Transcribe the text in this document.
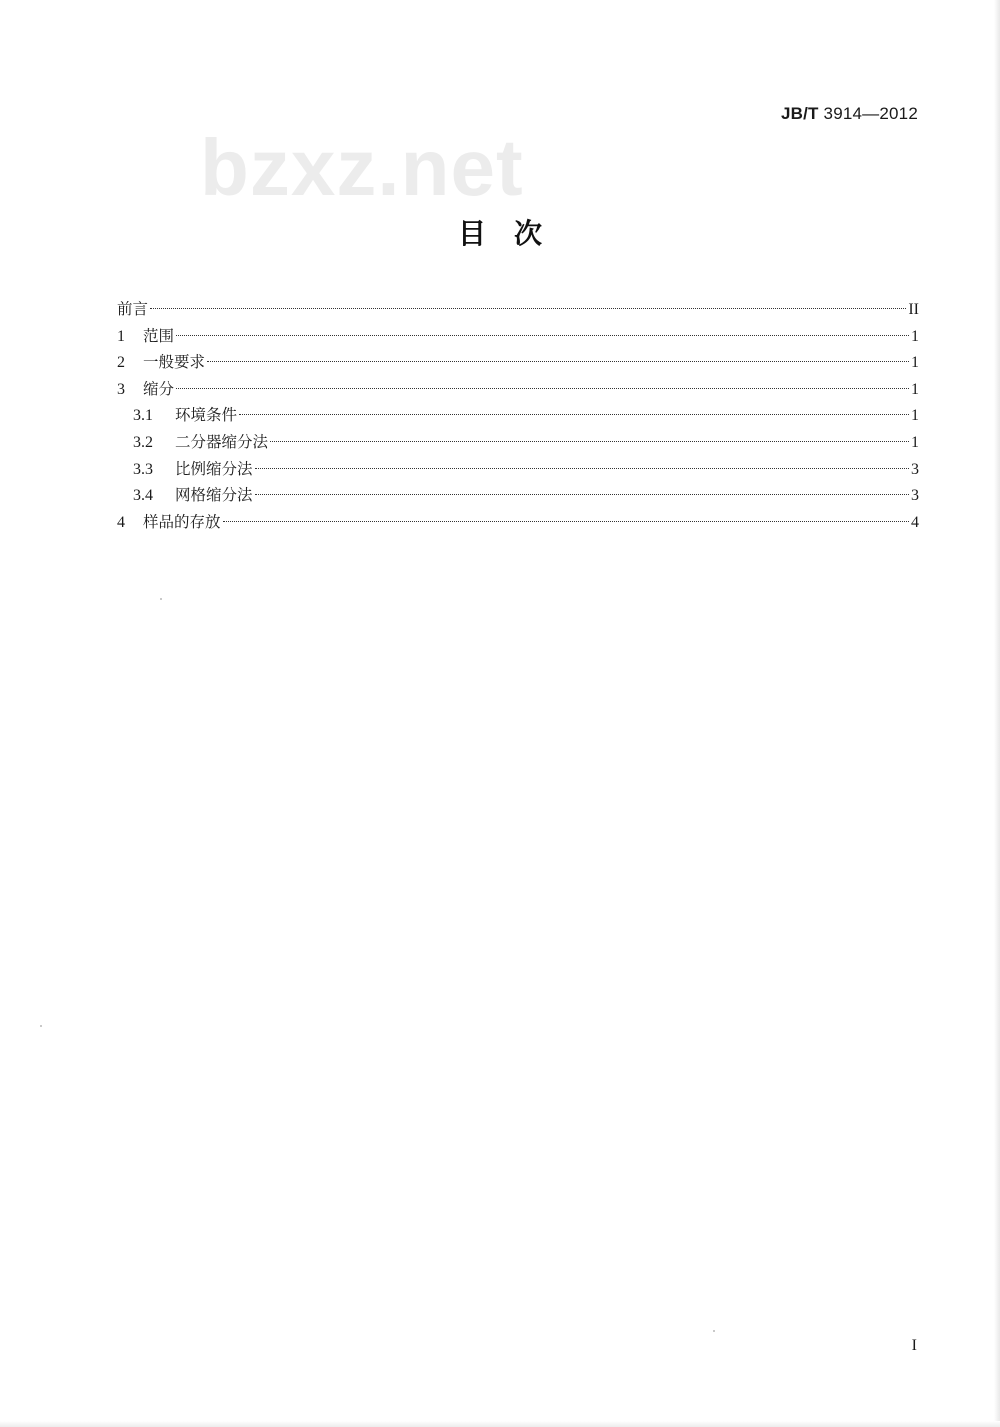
JB/T 3914—2012
bzxz.net
目　次
前言	II
1	范围	1
2	一般要求	1
3	缩分	1
3.1	环境条件	1
3.2	二分器缩分法	1
3.3	比例缩分法	3
3.4	网格缩分法	3
4	样品的存放	4
I
